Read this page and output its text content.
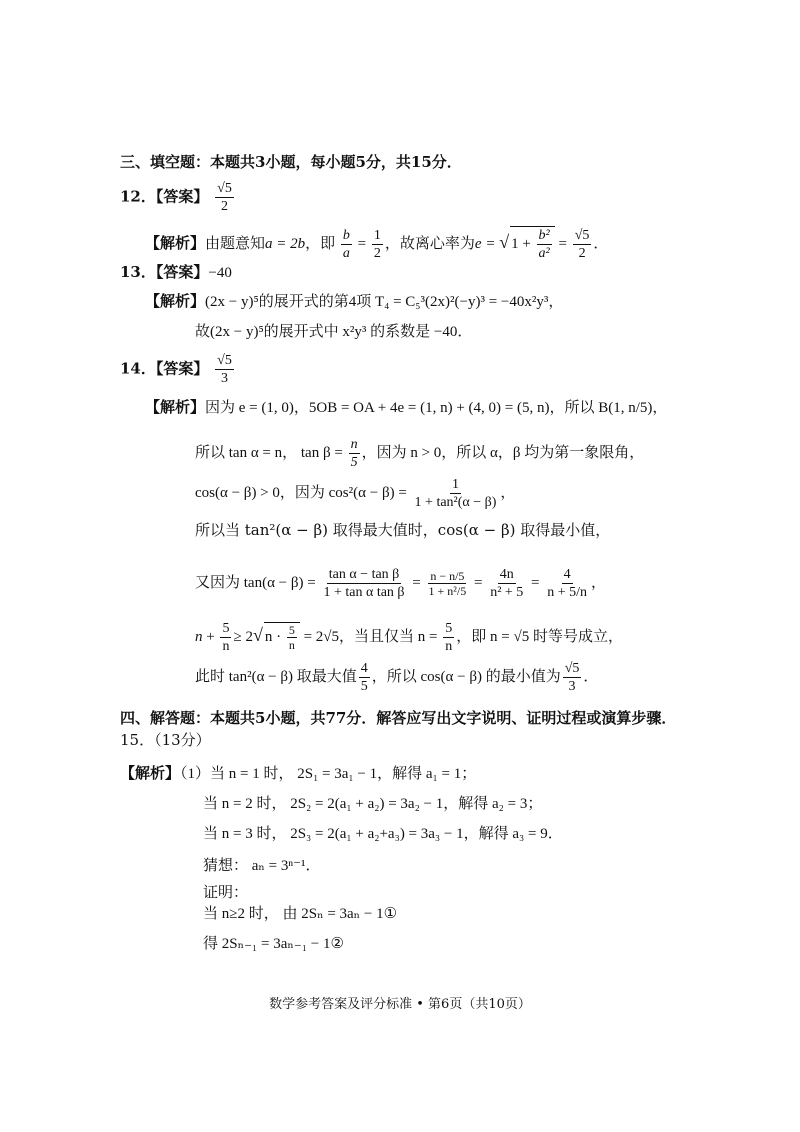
三、填空题：本题共3小题，每小题5分，共15分．
12．【答案】 $\frac{√5}{2}$
【解析】由题意知a = 2b，即 $\frac{b}{a} = \frac{1}{2}$ ，故离心率为e = √ $1 + \frac{\text{b²}}{\text{a²}} = \frac{√5}{2}$ ．
13．【答案】−40
【解析】(2x − y)⁵的展开式的第4项 T₄ = C₅³(2x)²(−y)³ = −40x²y³，
故(2x − y)⁵的展开式中 x²y³ 的系数是 −40．
14．【答案】 $\frac{√5}{3}$
【解析】因为 e = (1, 0)，5OB = OA + 4e = (1, n) + (4, 0) = (5, n)，所以 B(1, n/5)，
所以 tan α = n， $\tan \beta = \frac{n}{5}$ ，因为 n > 0，所以 α，β 均为第一象限角，
cos(α − β) > 0，因为 $\cos^2(\alpha - \beta) = \frac{1}{\text{1 + tan²(α − β)}}$ ，
所以当 tan²(α − β) 取得最大值时，cos(α − β) 取得最小值，
又因为 $\tan(\alpha - \beta) = \frac{\text{tan α − tan β}}{\text{1 + tan α tan β}} = \frac{n - n/5}{\text{1 + n²/5}} = \frac{4n}{\text{n² + 5}} = \frac{4}{n + 5/n}$ ，
$n + \frac{5}{n} \ge 2√$ $n \cdot \frac{5}{n} = 2√5$，当且仅当 $n = \frac{5}{n}$ ，即 n = √5 时等号成立，
此时 tan²(α − β) 取最大值 $\frac{4}{5}$ ，所以 cos(α − β) 的最小值为 $\frac{√5}{3}$ ．
四、解答题：本题共5小题，共77分．解答应写出文字说明、证明过程或演算步骤．
15．（13分）
【解析】（1）当 n = 1 时， 2S₁ = 3a₁ − 1，解得 a₁ = 1；
当 n = 2 时， 2S₂ = 2(a₁ + a₂) = 3a₂ − 1，解得 a₂ = 3；
当 n = 3 时， 2S₃ = 2(a₁ + a₂+a₃) = 3a₃ − 1，解得 a₃ = 9．
猜想： aₙ = 3ⁿ⁻¹．
证明：
当 n≥2 时， 由 2Sₙ = 3aₙ − 1①
得 2Sₙ₋₁ = 3aₙ₋₁ − 1②
数学参考答案及评分标准 • 第6页（共10页）
